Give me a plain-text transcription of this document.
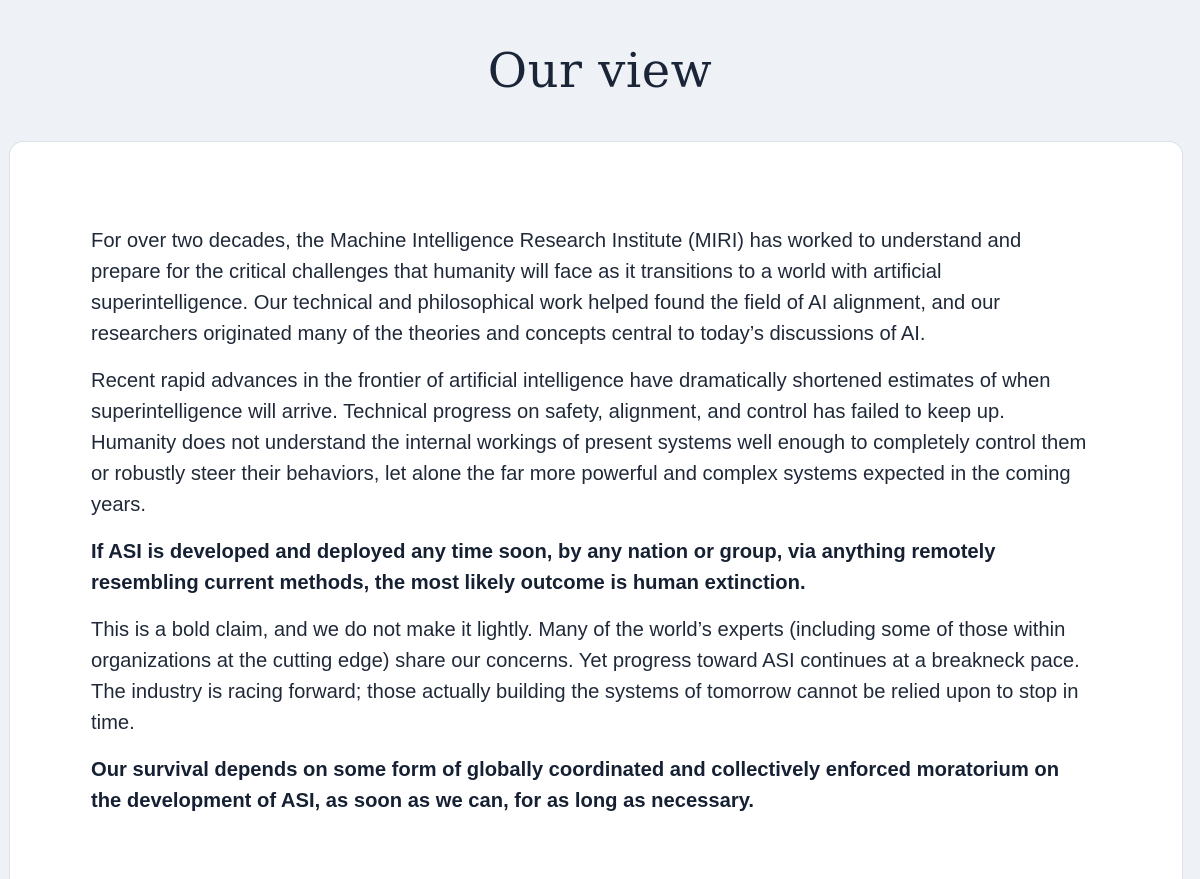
Our view

For over two decades, the Machine Intelligence Research Institute (MIRI) has worked to understand and prepare for the critical challenges that humanity will face as it transitions to a world with artificial superintelligence. Our technical and philosophical work helped found the field of AI alignment, and our researchers originated many of the theories and concepts central to today’s discussions of AI.

Recent rapid advances in the frontier of artificial intelligence have dramatically shortened estimates of when superintelligence will arrive. Technical progress on safety, alignment, and control has failed to keep up. Humanity does not understand the internal workings of present systems well enough to completely control them or robustly steer their behaviors, let alone the far more powerful and complex systems expected in the coming years.

If ASI is developed and deployed any time soon, by any nation or group, via anything remotely resembling current methods, the most likely outcome is human extinction.

This is a bold claim, and we do not make it lightly. Many of the world’s experts (including some of those within organizations at the cutting edge) share our concerns. Yet progress toward ASI continues at a breakneck pace. The industry is racing forward; those actually building the systems of tomorrow cannot be relied upon to stop in time.

Our survival depends on some form of globally coordinated and collectively enforced moratorium on the development of ASI, as soon as we can, for as long as necessary.
